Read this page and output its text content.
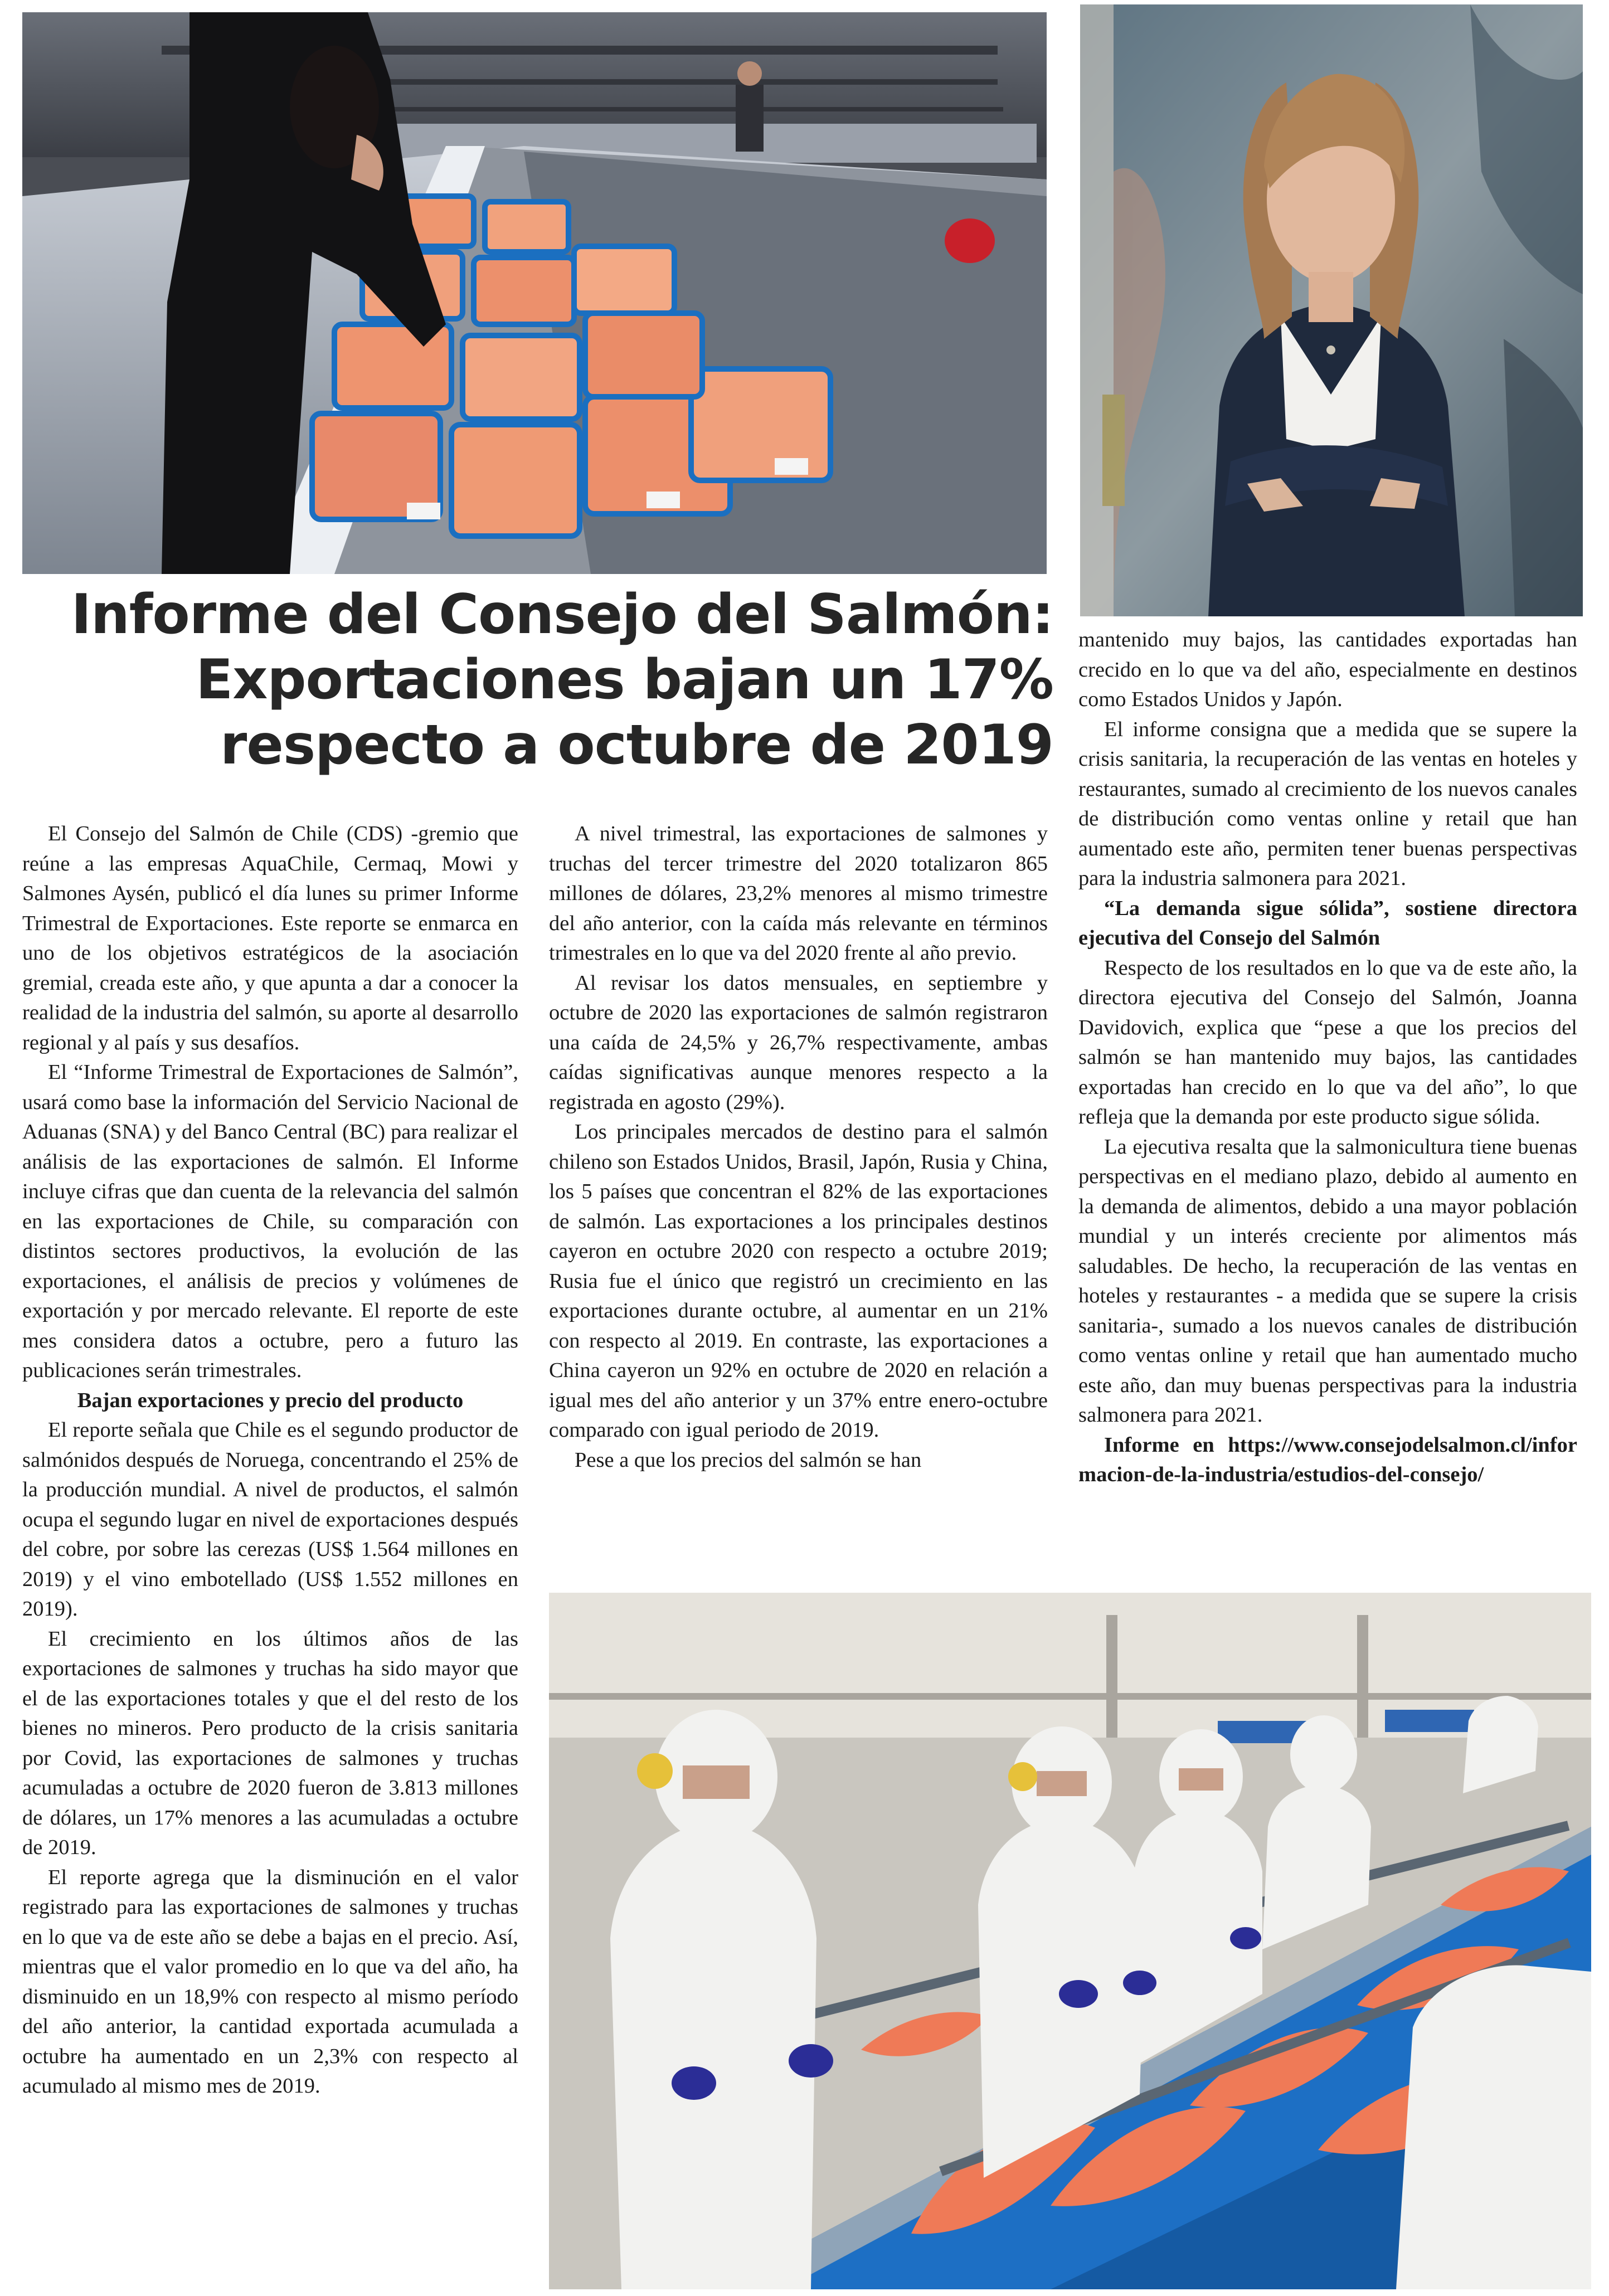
Informe del Consejo del Salmón:
Exportaciones bajan un 17%
respecto a octubre de 2019

El Consejo del Salmón de Chile (CDS) -gremio que reúne a las empresas AquaChile, Cermaq, Mowi y Salmones Aysén, publicó el día lunes su primer Informe Trimestral de Exportaciones. Este reporte se enmarca en uno de los objetivos estratégicos de la asociación gremial, creada este año, y que apunta a dar a conocer la realidad de la industria del salmón, su aporte al desarrollo regional y al país y sus desafíos.

El “Informe Trimestral de Exportaciones de Salmón”, usará como base la información del Servicio Nacional de Aduanas (SNA) y del Banco Central (BC) para realizar el análisis de las exportaciones de salmón. El Informe incluye cifras que dan cuenta de la relevancia del salmón en las exportaciones de Chile, su comparación con distintos sectores productivos, la evolución de las exportaciones, el análisis de precios y volúmenes de exportación y por mercado relevante. El reporte de este mes considera datos a octubre, pero a futuro las publicaciones serán trimestrales.

Bajan exportaciones y precio del producto

El reporte señala que Chile es el segundo productor de salmónidos después de Noruega, concentrando el 25% de la producción mundial. A nivel de productos, el salmón ocupa el segundo lugar en nivel de exportaciones después del cobre, por sobre las cerezas (US$ 1.564 millones en 2019) y el vino embotellado (US$ 1.552 millones en 2019).

El crecimiento en los últimos años de las exportaciones de salmones y truchas ha sido mayor que el de las exportaciones totales y que el del resto de los bienes no mineros. Pero producto de la crisis sanitaria por Covid, las exportaciones de salmones y truchas acumuladas a octubre de 2020 fueron de 3.813 millones de dólares, un 17% menores a las acumuladas a octubre de 2019.

El reporte agrega que la disminución en el valor registrado para las exportaciones de salmones y truchas en lo que va de este año se debe a bajas en el precio. Así, mientras que el valor promedio en lo que va del año, ha disminuido en un 18,9% con respecto al mismo período del año anterior, la cantidad exportada acumulada a octubre ha aumentado en un 2,3% con respecto al acumulado al mismo mes de 2019.

A nivel trimestral, las exportaciones de salmones y truchas del tercer trimestre del 2020 totalizaron 865 millones de dólares, 23,2% menores al mismo trimestre del año anterior, con la caída más relevante en términos trimestrales en lo que va del 2020 frente al año previo.

Al revisar los datos mensuales, en septiembre y octubre de 2020 las exportaciones de salmón registraron una caída de 24,5% y 26,7% respectivamente, ambas caídas significativas aunque menores respecto a la registrada en agosto (29%).

Los principales mercados de destino para el salmón chileno son Estados Unidos, Brasil, Japón, Rusia y China, los 5 países que concentran el 82% de las exportaciones de salmón. Las exportaciones a los principales destinos cayeron en octubre 2020 con respecto a octubre 2019; Rusia fue el único que registró un crecimiento en las exportaciones durante octubre, al aumentar en un 21% con respecto al 2019. En contraste, las exportaciones a China cayeron un 92% en octubre de 2020 en relación a igual mes del año anterior y un 37% entre enero-octubre comparado con igual periodo de 2019.

Pese a que los precios del salmón se han

mantenido muy bajos, las cantidades exportadas han crecido en lo que va del año, especialmente en destinos como Estados Unidos y Japón.

El informe consigna que a medida que se supere la crisis sanitaria, la recuperación de las ventas en hoteles y restaurantes, sumado al crecimiento de los nuevos canales de distribución como ventas online y retail que han aumentado este año, permiten tener buenas perspectivas para la industria salmonera para 2021.

“La demanda sigue sólida”, sostiene directora ejecutiva del Consejo del Salmón

Respecto de los resultados en lo que va de este año, la directora ejecutiva del Consejo del Salmón, Joanna Davidovich, explica que “pese a que los precios del salmón se han mantenido muy bajos, las cantidades exportadas han crecido en lo que va del año”, lo que refleja que la demanda por este producto sigue sólida.

La ejecutiva resalta que la salmonicultura tiene buenas perspectivas en el mediano plazo, debido al aumento en la demanda de alimentos, debido a una mayor población mundial y un interés creciente por alimentos más saludables. De hecho, la recuperación de las ventas en hoteles y restaurantes - a medida que se supere la crisis sanitaria-, sumado a los nuevos canales de distribución como ventas online y retail que han aumentado mucho este año, dan muy buenas perspectivas para la industria salmonera para 2021.

Informe en https://www.consejodelsalmon.cl/informacion-de-la-industria/estudios-del-consejo/
